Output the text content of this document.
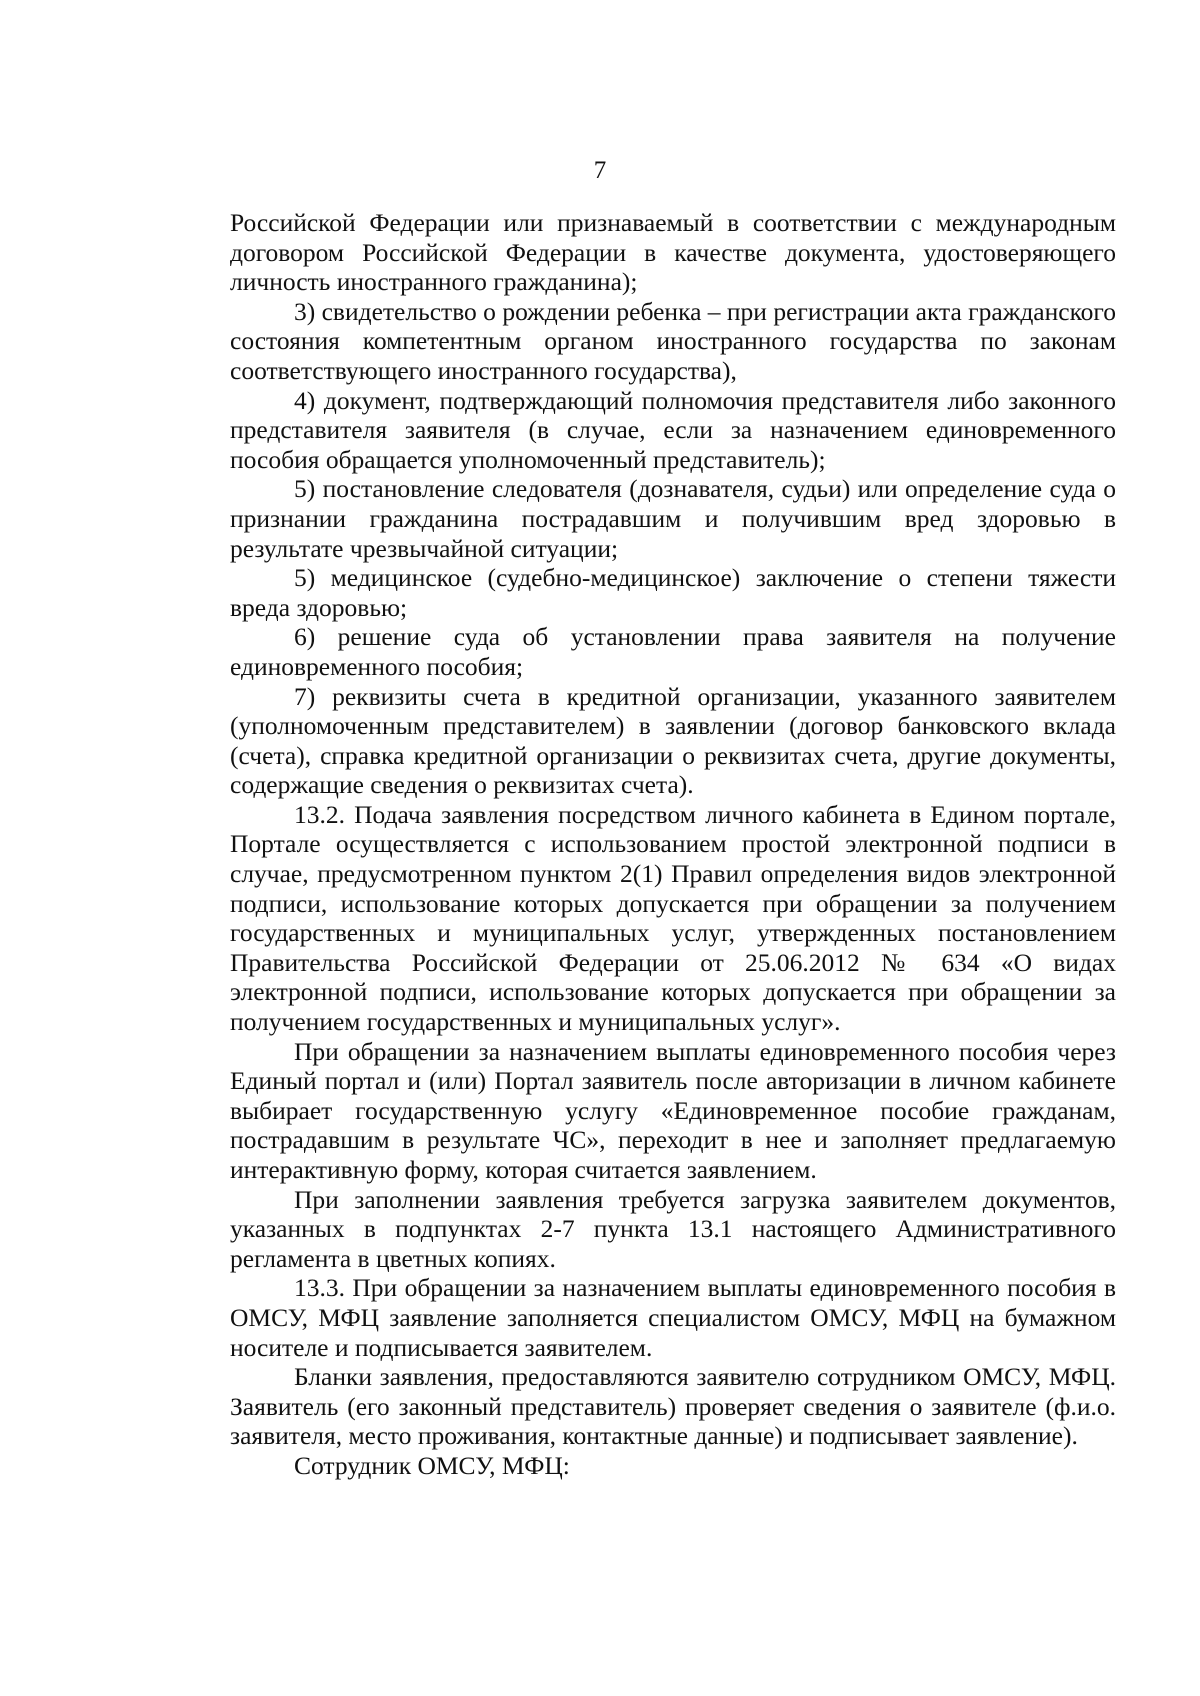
7

Российской Федерации или признаваемый в соответствии с международным договором Российской Федерации в качестве документа, удостоверяющего личность иностранного гражданина);

3) свидетельство о рождении ребенка – при регистрации акта гражданского состояния компетентным органом иностранного государства по законам соответствующего иностранного государства),

4) документ, подтверждающий полномочия представителя либо законного представителя заявителя (в случае, если за назначением единовременного пособия обращается уполномоченный представитель);

5) постановление следователя (дознавателя, судьи) или определение суда о признании гражданина пострадавшим и получившим вред здоровью в результате чрезвычайной ситуации;

5) медицинское (судебно-медицинское) заключение о степени тяжести вреда здоровью;

6) решение суда об установлении права заявителя на получение единовременного пособия;

7) реквизиты счета в кредитной организации, указанного заявителем (уполномоченным представителем) в заявлении (договор банковского вклада (счета), справка кредитной организации о реквизитах счета, другие документы, содержащие сведения о реквизитах счета).

13.2. Подача заявления посредством личного кабинета в Едином портале, Портале осуществляется с использованием простой электронной подписи в случае, предусмотренном пунктом 2(1) Правил определения видов электронной подписи, использование которых допускается при обращении за получением государственных и муниципальных услуг, утвержденных постановлением Правительства Российской Федерации от 25.06.2012 № 634 «О видах электронной подписи, использование которых допускается при обращении за получением государственных и муниципальных услуг».

При обращении за назначением выплаты единовременного пособия через Единый портал и (или) Портал заявитель после авторизации в личном кабинете выбирает государственную услугу «Единовременное пособие гражданам, пострадавшим в результате ЧС», переходит в нее и заполняет предлагаемую интерактивную форму, которая считается заявлением.

При заполнении заявления требуется загрузка заявителем документов, указанных в подпунктах 2-7 пункта 13.1 настоящего Административного регламента в цветных копиях.

13.3. При обращении за назначением выплаты единовременного пособия в ОМСУ, МФЦ заявление заполняется специалистом ОМСУ, МФЦ на бумажном носителе и подписывается заявителем.

Бланки заявления, предоставляются заявителю сотрудником ОМСУ, МФЦ. Заявитель (его законный представитель) проверяет сведения о заявителе (ф.и.о. заявителя, место проживания, контактные данные) и подписывает заявление).

Сотрудник ОМСУ, МФЦ:
